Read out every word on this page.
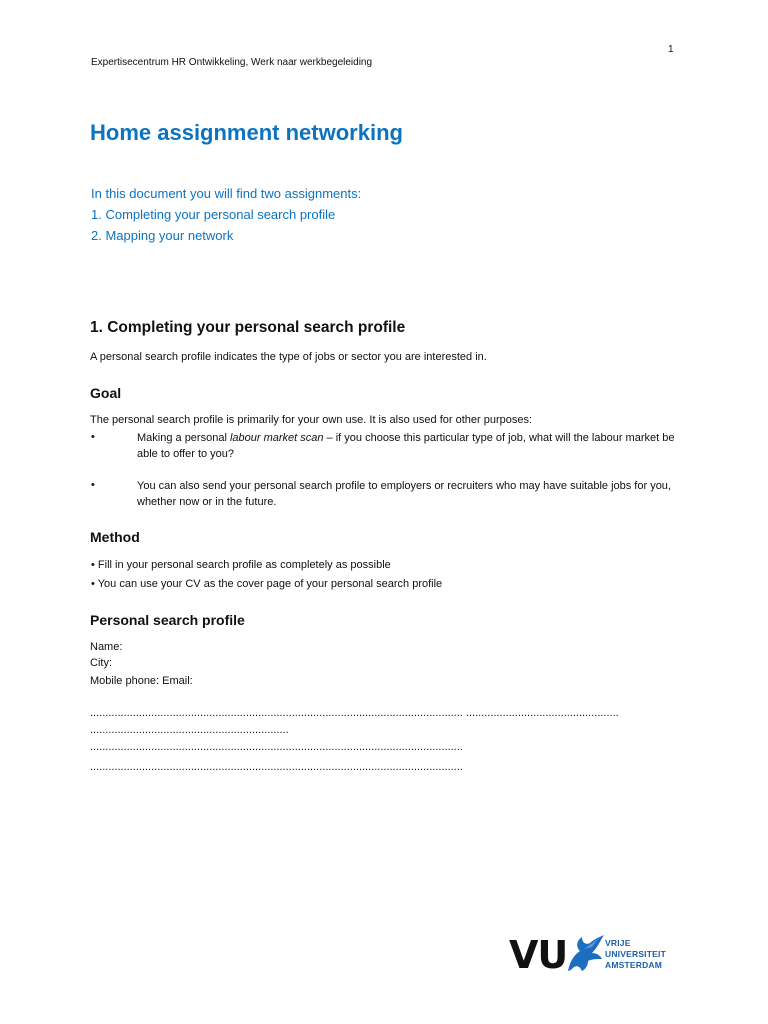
1
Expertisecentrum HR Ontwikkeling, Werk naar werkbegeleiding
Home assignment networking
In this document you will find two assignments:
1. Completing your personal search profile
2. Mapping your network
1. Completing your personal search profile
A personal search profile indicates the type of jobs or sector you are interested in.
Goal
The personal search profile is primarily for your own use. It is also used for other purposes:
•	Making a personal labour market scan – if you choose this particular type of job, what will the labour market be able to offer to you?
•	You can also send your personal search profile to employers or recruiters who may have suitable jobs for you, whether now or in the future.
Method
• Fill in your personal search profile as completely as possible
• You can use your CV as the cover page of your personal search profile
Personal search profile
Name:
City:
Mobile phone: Email:
.......................................................................................................................... ..................................................
.................................................................
..........................................................................................................................
..........................................................................................................................
VU	VRIJE
UNIVERSITEIT
AMSTERDAM
